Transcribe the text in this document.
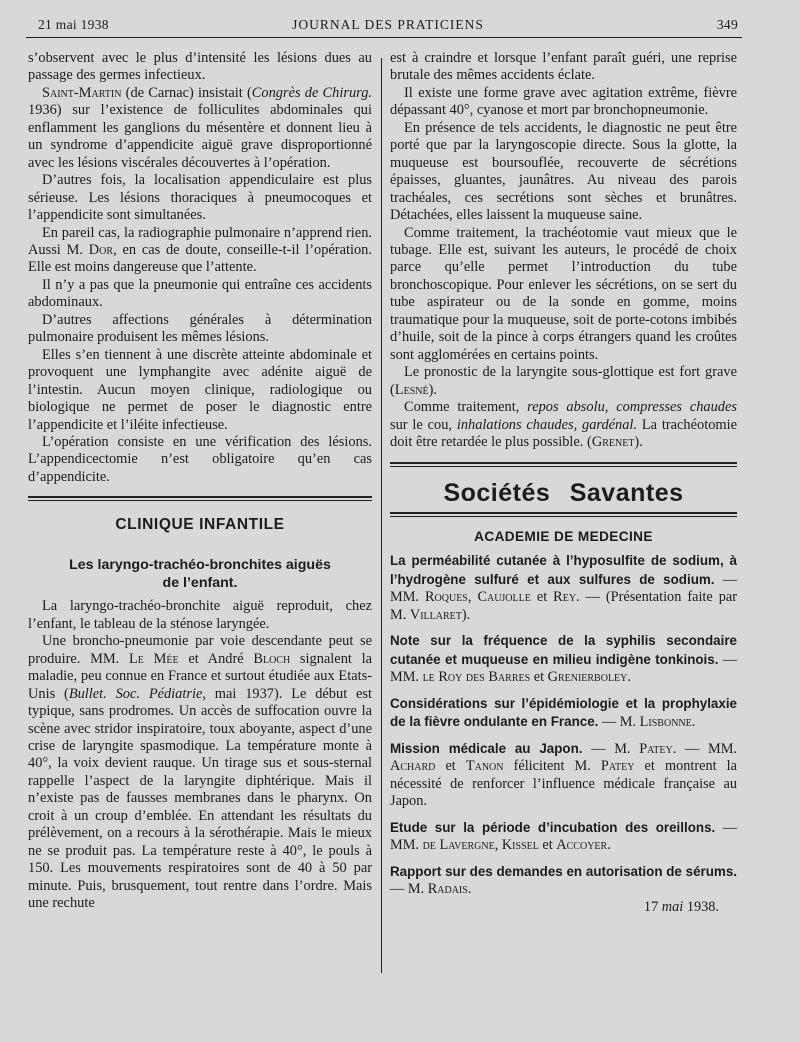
21 mai 1938	JOURNAL DES PRATICIENS	349

s’observent avec le plus d’intensité les lésions dues au passage des germes infectieux.

Saint-Martin (de Carnac) insistait (Congrès de Chirurg. 1936) sur l’existence de folliculites abdominales qui enflamment les ganglions du mésentère et donnent lieu à un syndrome d’appendicite aiguë grave disproportionné avec les lésions viscérales découvertes à l’opération.

D’autres fois, la localisation appendiculaire est plus sérieuse. Les lésions thoraciques à pneumocoques et l’appendicite sont simultanées.

En pareil cas, la radiographie pulmonaire n’apprend rien. Aussi M. Dor, en cas de doute, conseille-t-il l’opération. Elle est moins dangereuse que l’attente.

Il n’y a pas que la pneumonie qui entraîne ces accidents abdominaux.

D’autres affections générales à détermination pulmonaire produisent les mêmes lésions.

Elles s’en tiennent à une discrète atteinte abdominale et provoquent une lymphangite avec adénite aiguë de l’intestin. Aucun moyen clinique, radiologique ou biologique ne permet de poser le diagnostic entre l’appendicite et l’iléite infectieuse.

L’opération consiste en une vérification des lésions. L’appendicectomie n’est obligatoire qu’en cas d’appendicite.

CLINIQUE INFANTILE

Les laryngo-trachéo-bronchites aiguës
de l’enfant.

La laryngo-trachéo-bronchite aiguë reproduit, chez l’enfant, le tableau de la sténose laryngée.

Une broncho-pneumonie par voie descendante peut se produire. MM. Le Mée et André Bloch signalent la maladie, peu connue en France et surtout étudiée aux Etats-Unis (Bullet. Soc. Pédiatrie, mai 1937). Le début est typique, sans prodromes. Un accès de suffocation ouvre la scène avec stridor inspiratoire, toux aboyante, aspect d’une crise de laryngite spasmodique. La température monte à 40°, la voix devient rauque. Un tirage sus et sous-sternal rappelle l’aspect de la laryngite diphtérique. Mais il n’existe pas de fausses membranes dans le pharynx. On croit à un croup d’emblée. En attendant les résultats du prélèvement, on a recours à la sérothérapie. Mais le mieux ne se produit pas. La température reste à 40°, le pouls à 150. Les mouvements respiratoires sont de 40 à 50 par minute. Puis, brusquement, tout rentre dans l’ordre. Mais une rechute

est à craindre et lorsque l’enfant paraît guéri, une reprise brutale des mêmes accidents éclate.

Il existe une forme grave avec agitation extrême, fièvre dépassant 40°, cyanose et mort par bronchopneumonie.

En présence de tels accidents, le diagnostic ne peut être porté que par la laryngoscopie directe. Sous la glotte, la muqueuse est boursouflée, recouverte de sécrétions épaisses, gluantes, jaunâtres. Au niveau des parois trachéales, ces secrétions sont sèches et brunâtres. Détachées, elles laissent la muqueuse saine.

Comme traitement, la trachéotomie vaut mieux que le tubage. Elle est, suivant les auteurs, le procédé de choix parce qu’elle permet l’introduction du tube bronchoscopique. Pour enlever les sécrétions, on se sert du tube aspirateur ou de la sonde en gomme, moins traumatique pour la muqueuse, soit de porte-cotons imbibés d’huile, soit de la pince à corps étrangers quand les croûtes sont agglomérées en certains points.

Le pronostic de la laryngite sous-glottique est fort grave (Lesné).

Comme traitement, repos absolu, compresses chaudes sur le cou, inhalations chaudes, gardénal. La trachéotomie doit être retardée le plus possible. (Grenet).

Sociétés Savantes

ACADEMIE DE MEDECINE

La perméabilité cutanée à l’hyposulfite de sodium, à l’hydrogène sulfuré et aux sulfures de sodium. — MM. Roques, Caujolle et Rey. — (Présentation faite par M. Villaret).

Note sur la fréquence de la syphilis secondaire cutanée et muqueuse en milieu indigène tonkinois. — MM. le Roy des Barres et Grenierboley.

Considérations sur l’épidémiologie et la prophylaxie de la fièvre ondulante en France. — M. Lisbonne.

Mission médicale au Japon. — M. Patey. — MM. Achard et Tanon félicitent M. Patey et montrent la nécessité de renforcer l’influence médicale française au Japon.

Etude sur la période d’incubation des oreillons. — MM. de Lavergne, Kissel et Accoyer.

Rapport sur des demandes en autorisation de sérums. — M. Radais.

17 mai 1938.
